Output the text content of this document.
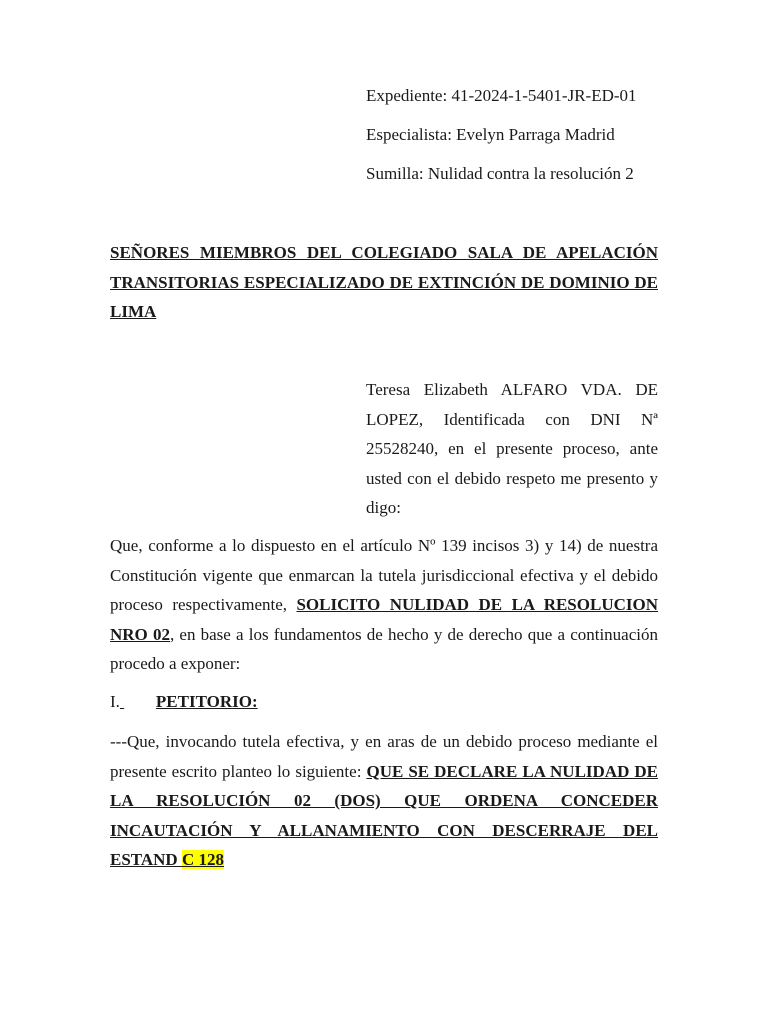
Expediente: 41-2024-1-5401-JR-ED-01
Especialista: Evelyn Parraga Madrid
Sumilla: Nulidad contra la resolución 2
SEÑORES MIEMBROS DEL COLEGIADO SALA DE APELACIÓN TRANSITORIAS ESPECIALIZADO DE EXTINCIÓN DE DOMINIO DE LIMA
Teresa Elizabeth ALFARO VDA. DE LOPEZ, Identificada con DNI Nª 25528240, en el presente proceso, ante usted con el debido respeto me presento y digo:

Que, conforme a lo dispuesto en el artículo Nº 139 incisos 3) y 14) de nuestra Constitución vigente que enmarcan la tutela jurisdiccional efectiva y el debido proceso respectivamente, SOLICITO NULIDAD DE LA RESOLUCION NRO 02, en base a los fundamentos de hecho y de derecho que a continuación procedo a exponer:

I. PETITORIO:

---Que, invocando tutela efectiva, y en aras de un debido proceso mediante el presente escrito planteo lo siguiente: QUE SE DECLARE LA NULIDAD DE LA RESOLUCIÓN 02 (DOS) QUE ORDENA CONCEDER INCAUTACIÓN Y ALLANAMIENTO CON DESCERRAJE DEL ESTAND C 128
